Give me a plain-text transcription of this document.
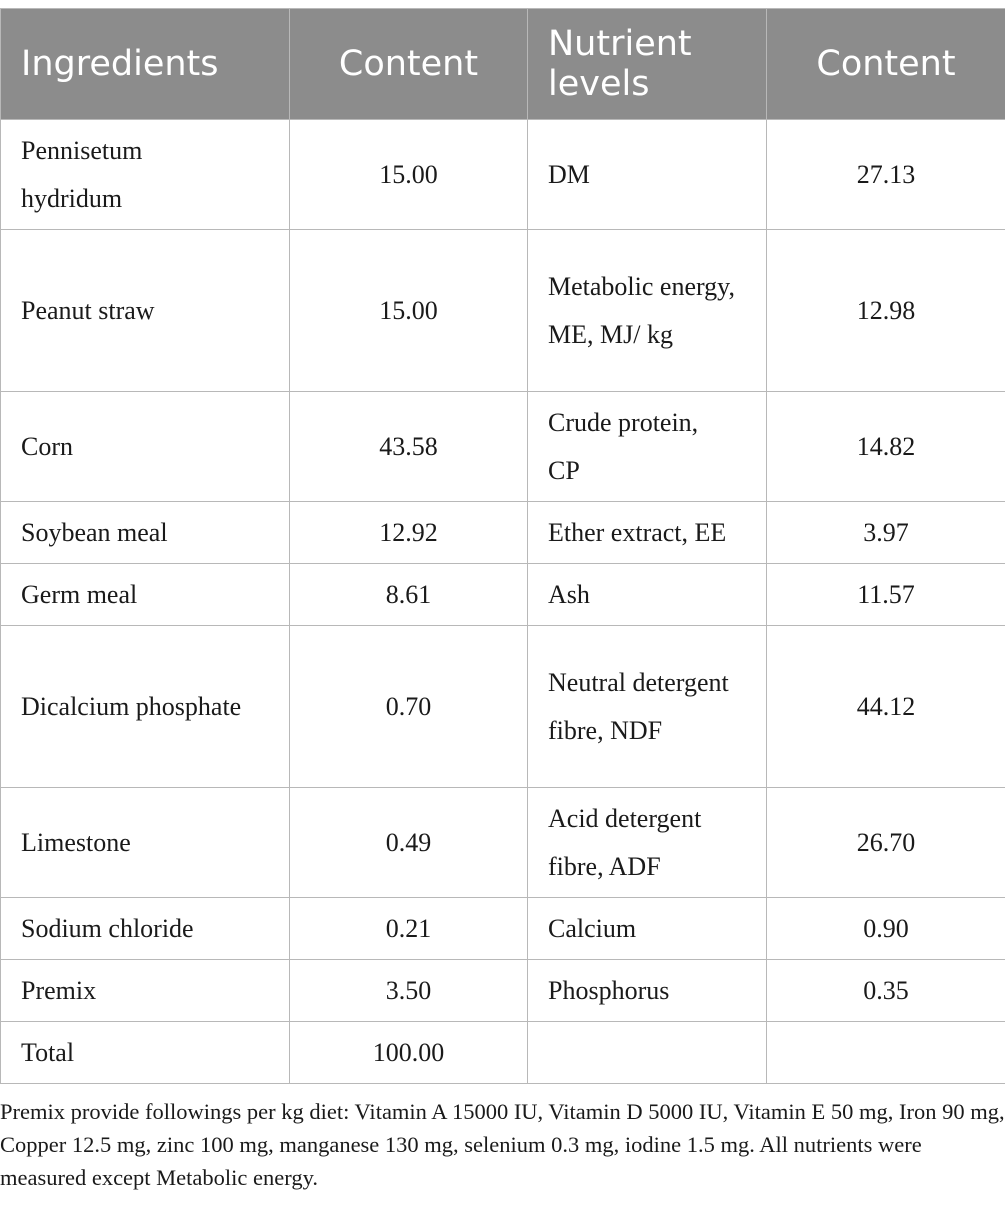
Ingredients	Content	Nutrient levels	Content
Pennisetum hydridum	15.00	DM	27.13
Peanut straw	15.00	Metabolic energy, ME, MJ/ kg	12.98
Corn	43.58	Crude protein, CP	14.82
Soybean meal	12.92	Ether extract, EE	3.97
Germ meal	8.61	Ash	11.57
Dicalcium phosphate	0.70	Neutral detergent fibre, NDF	44.12
Limestone	0.49	Acid detergent fibre, ADF	26.70
Sodium chloride	0.21	Calcium	0.90
Premix	3.50	Phosphorus	0.35
Total	100.00		

Premix provide followings per kg diet: Vitamin A 15000 IU, Vitamin D 5000 IU, Vitamin E 50 mg, Iron 90 mg, Copper 12.5 mg, zinc 100 mg, manganese 130 mg, selenium 0.3 mg, iodine 1.5 mg. All nutrients were measured except Metabolic energy.
